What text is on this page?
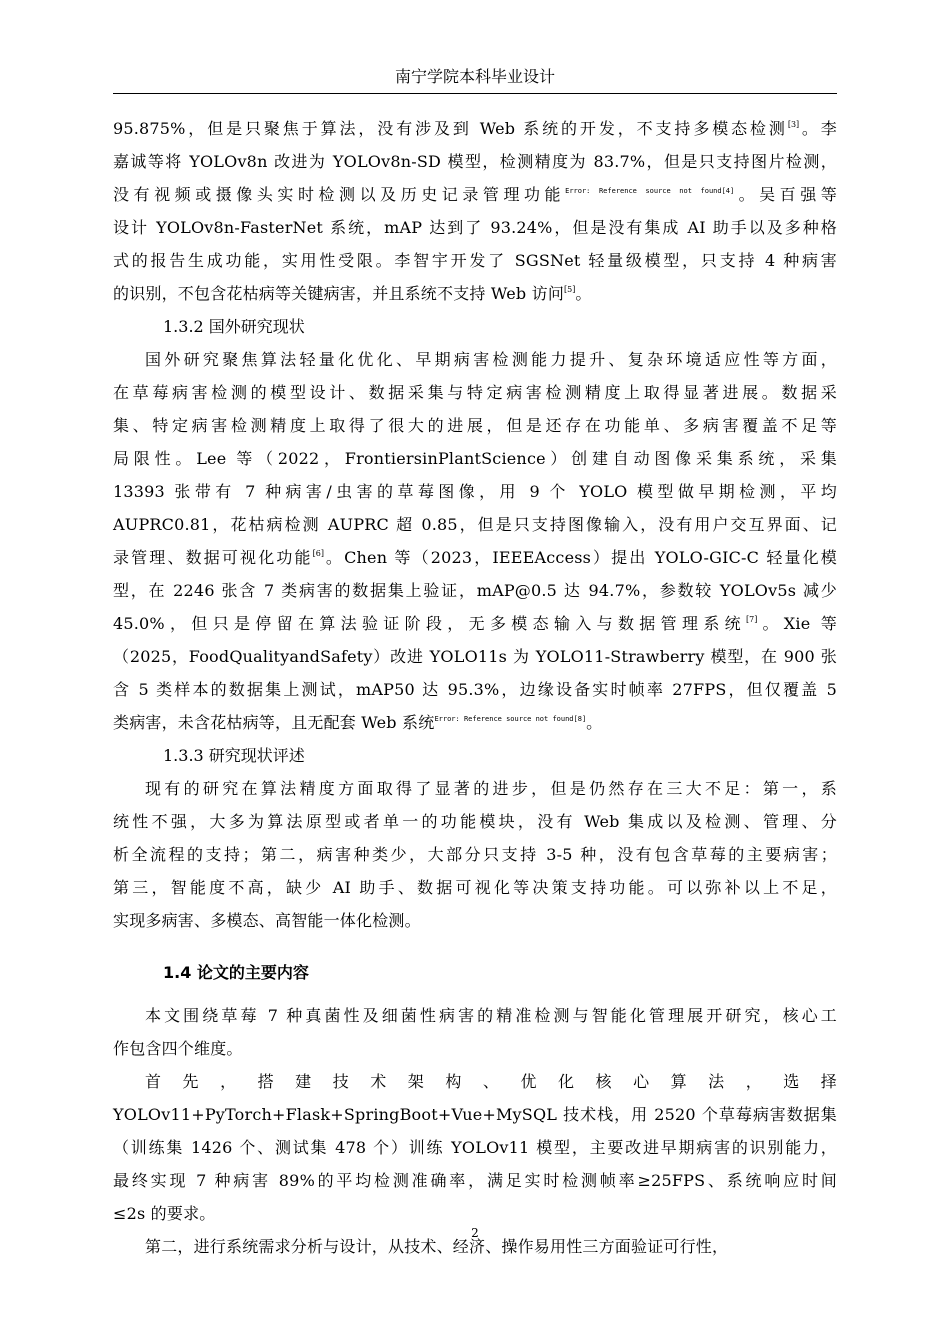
南宁学院本科毕业设计

95.875%，但是只聚焦于算法，没有涉及到 Web 系统的开发，不支持多模态检测[3]。李
嘉诚等将 YOLOv8n 改进为 YOLOv8n-SD 模型，检测精度为 83.7%，但是只支持图片检测，
没有视频或摄像头实时检测以及历史记录管理功能$^{Error: Reference source not found[4]}$。吴百强等
设计 YOLOv8n-FasterNet 系统，mAP 达到了 93.24%，但是没有集成 AI 助手以及多种格
式的报告生成功能，实用性受限。李智宇开发了 SGSNet 轻量级模型，只支持 4 种病害
的识别，不包含花枯病等关键病害，并且系统不支持 Web 访问[5]。

1.3.2 国外研究现状

国外研究聚焦算法轻量化优化、早期病害检测能力提升、复杂环境适应性等方面，
在草莓病害检测的模型设计、数据采集与特定病害检测精度上取得显著进展。数据采
集、特定病害检测精度上取得了很大的进展，但是还存在功能单、多病害覆盖不足等
局限性。Lee 等（2022，FrontiersinPlantScience）创建自动图像采集系统，采集
13393 张带有 7 种病害/虫害的草莓图像，用 9 个 YOLO 模型做早期检测，平均
AUPRC0.81，花枯病检测 AUPRC 超 0.85，但是只支持图像输入，没有用户交互界面、记
录管理、数据可视化功能[6]。Chen 等（2023，IEEEAccess）提出 YOLO-GIC-C 轻量化模
型，在 2246 张含 7 类病害的数据集上验证，mAP@0.5 达 94.7%，参数较 YOLOv5s 减少
45.0%，但只是停留在算法验证阶段，无多模态输入与数据管理系统[7]。Xie 等
（2025，FoodQualityandSafety）改进 YOLO11s 为 YOLO11-Strawberry 模型，在 900 张
含 5 类样本的数据集上测试，mAP50 达 95.3%，边缘设备实时帧率 27FPS，但仅覆盖 5
类病害，未含花枯病等，且无配套 Web 系统$^{Error: Reference source not found[8]}$。

1.3.3 研究现状评述

现有的研究在算法精度方面取得了显著的进步，但是仍然存在三大不足：第一，系
统性不强，大多为算法原型或者单一的功能模块，没有 Web 集成以及检测、管理、分
析全流程的支持；第二，病害种类少，大部分只支持 3-5 种，没有包含草莓的主要病害；
第三，智能度不高，缺少 AI 助手、数据可视化等决策支持功能。可以弥补以上不足，
实现多病害、多模态、高智能一体化检测。

1.4 论文的主要内容

本文围绕草莓 7 种真菌性及细菌性病害的精准检测与智能化管理展开研究，核心工
作包含四个维度。

首先，搭建技术架构、优化核心算法，选择
YOLOv11+PyTorch+Flask+SpringBoot+Vue+MySQL 技术栈，用 2520 个草莓病害数据集
（训练集 1426 个、测试集 478 个）训练 YOLOv11 模型，主要改进早期病害的识别能力，
最终实现 7 种病害 89%的平均检测准确率，满足实时检测帧率≥25FPS、系统响应时间
≤2s 的要求。

第二，进行系统需求分析与设计，从技术、经济、操作易用性三方面验证可行性，

2
